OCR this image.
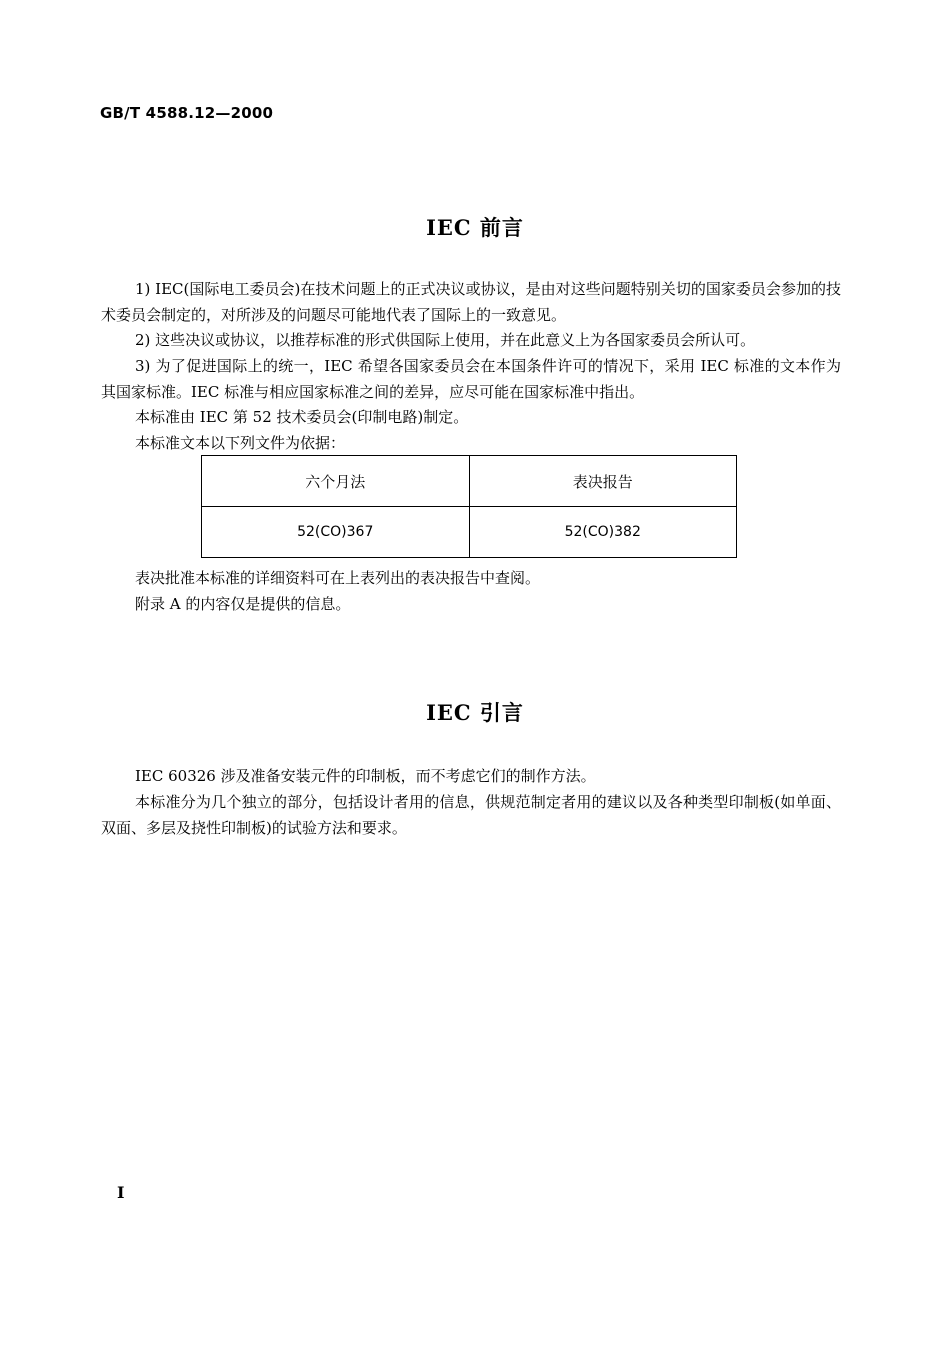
GB/T 4588.12—2000
IEC 前言
1) IEC(国际电工委员会)在技术问题上的正式决议或协议，是由对这些问题特别关切的国家委员会参加的技术委员会制定的，对所涉及的问题尽可能地代表了国际上的一致意见。
2) 这些决议或协议，以推荐标准的形式供国际上使用，并在此意义上为各国家委员会所认可。
3) 为了促进国际上的统一，IEC 希望各国家委员会在本国条件许可的情况下，采用 IEC 标准的文本作为其国家标准。IEC 标准与相应国家标准之间的差异，应尽可能在国家标准中指出。
本标准由 IEC 第 52 技术委员会(印制电路)制定。
本标准文本以下列文件为依据：
六个月法	表决报告
52(CO)367	52(CO)382
表决批准本标准的详细资料可在上表列出的表决报告中查阅。
附录 A 的内容仅是提供的信息。
IEC 引言
IEC 60326 涉及准备安装元件的印制板，而不考虑它们的制作方法。
本标准分为几个独立的部分，包括设计者用的信息，供规范制定者用的建议以及各种类型印制板(如单面、双面、多层及挠性印制板)的试验方法和要求。
I
